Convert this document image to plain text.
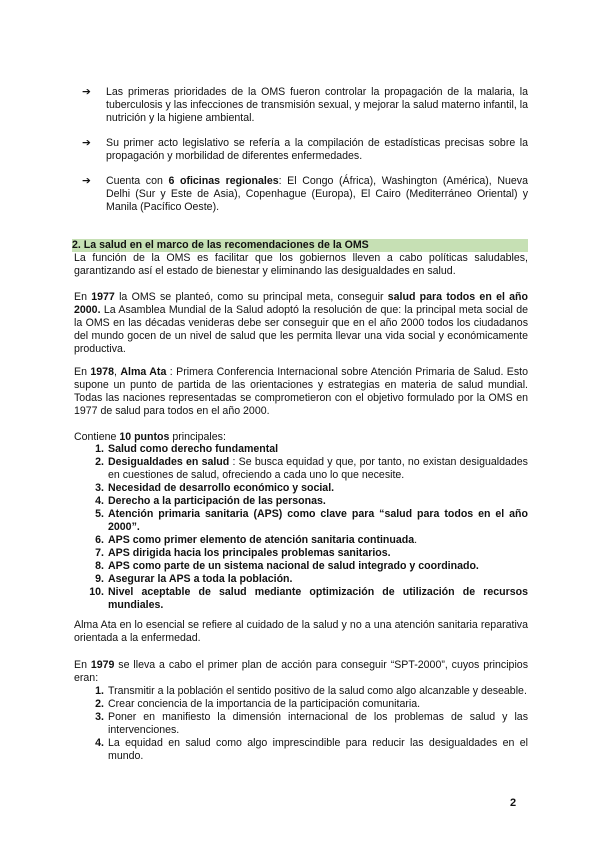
➔	Las primeras prioridades de la OMS fueron controlar la propagación de la malaria, la tuberculosis y las infecciones de transmisión sexual, y mejorar la salud materno infantil, la nutrición y la higiene ambiental.
➔	Su primer acto legislativo se refería a la compilación de estadísticas precisas sobre la propagación y morbilidad de diferentes enfermedades.
➔	Cuenta con 6 oficinas regionales: El Congo (África), Washington (América), Nueva Delhi (Sur y Este de Asia), Copenhague (Europa), El Cairo (Mediterráneo Oriental) y Manila (Pacífico Oeste).
2. La salud en el marco de las recomendaciones de la OMS

La función de la OMS es facilitar que los gobiernos lleven a cabo políticas saludables, garantizando así el estado de bienestar y eliminando las desigualdades en salud.

En 1977 la OMS se planteó, como su principal meta, conseguir salud para todos en el año 2000. La Asamblea Mundial de la Salud adoptó la resolución de que: la principal meta social de la OMS en las décadas venideras debe ser conseguir que en el año 2000 todos los ciudadanos del mundo gocen de un nivel de salud que les permita llevar una vida social y económicamente productiva.

En 1978, Alma Ata : Primera Conferencia Internacional sobre Atención Primaria de Salud. Esto supone un punto de partida de las orientaciones y estrategias en materia de salud mundial. Todas las naciones representadas se comprometieron con el objetivo formulado por la OMS en 1977 de salud para todos en el año 2000.

Contiene 10 puntos principales:

1. Salud como derecho fundamental
2. Desigualdades en salud : Se busca equidad y que, por tanto, no existan desigualdades en cuestiones de salud, ofreciendo a cada uno lo que necesite.
3. Necesidad de desarrollo económico y social.
4. Derecho a la participación de las personas.
5. Atención primaria sanitaria (APS) como clave para “salud para todos en el año 2000”.
6. APS como primer elemento de atención sanitaria continuada.
7. APS dirigida hacia los principales problemas sanitarios.
8. APS como parte de un sistema nacional de salud integrado y coordinado.
9. Asegurar la APS a toda la población.
10. Nivel aceptable de salud mediante optimización de utilización de recursos mundiales.

Alma Ata en lo esencial se refiere al cuidado de la salud y no a una atención sanitaria reparativa orientada a la enfermedad.

En 1979 se lleva a cabo el primer plan de acción para conseguir “SPT-2000”, cuyos principios eran:

1. Transmitir a la población el sentido positivo de la salud como algo alcanzable y deseable.
2. Crear conciencia de la importancia de la participación comunitaria.
3. Poner en manifiesto la dimensión internacional de los problemas de salud y las intervenciones.
4. La equidad en salud como algo imprescindible para reducir las desigualdades en el mundo.
2
